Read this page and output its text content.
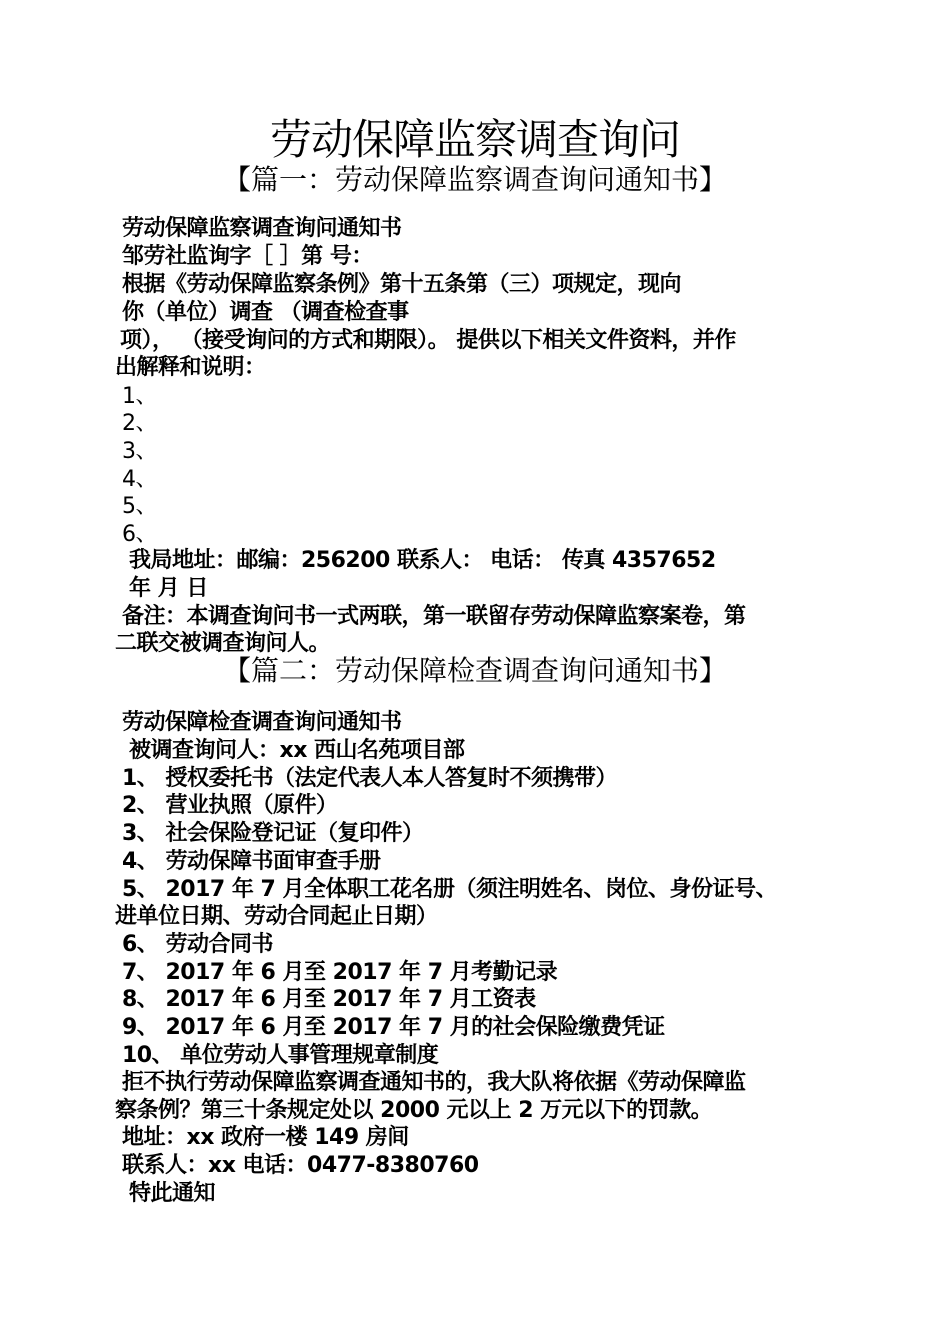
劳动保障监察调查询问
【篇一：劳动保障监察调查询问通知书】
劳动保障监察调查询问通知书
邹劳社监询字［ ］第 号：
根据《劳动保障监察条例》第十五条第（三）项规定，现向
你（单位）调查 （调查检查事
项）， （接受询问的方式和期限）。 提供以下相关文件资料，并作
出解释和说明：
1、
2、
3、
4、
5、
6、
我局地址：邮编：256200 联系人： 电话： 传真 4357652
年 月 日
备注：本调查询问书一式两联，第一联留存劳动保障监察案卷，第
二联交被调查询问人。
【篇二：劳动保障检查调查询问通知书】
劳动保障检查调查询问通知书
被调查询问人：xx 西山名苑项目部
1、 授权委托书（法定代表人本人答复时不须携带）
2、 营业执照（原件）
3、 社会保险登记证（复印件）
4、 劳动保障书面审查手册
5、 2017 年 7 月全体职工花名册（须注明姓名、岗位、身份证号、
进单位日期、劳动合同起止日期）
6、 劳动合同书
7、 2017 年 6 月至 2017 年 7 月考勤记录
8、 2017 年 6 月至 2017 年 7 月工资表
9、 2017 年 6 月至 2017 年 7 月的社会保险缴费凭证
10、 单位劳动人事管理规章制度
拒不执行劳动保障监察调查通知书的，我大队将依据《劳动保障监
察条例？第三十条规定处以 2000 元以上 2 万元以下的罚款。
地址：xx 政府一楼 149 房间
联系人：xx 电话：0477-8380760
特此通知
